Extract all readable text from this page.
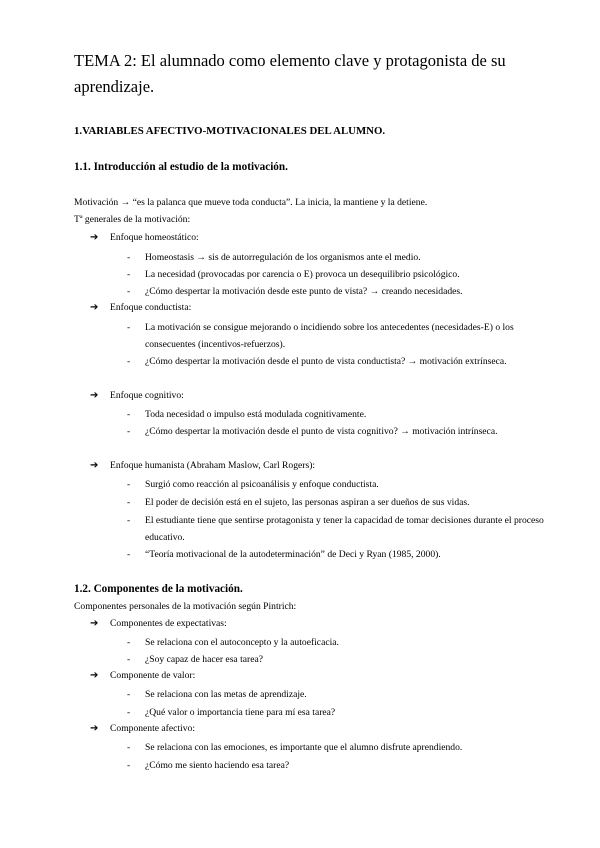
TEMA 2: El alumnado como elemento clave y protagonista de su aprendizaje.
1.VARIABLES AFECTIVO-MOTIVACIONALES DEL ALUMNO.
1.1. Introducción al estudio de la motivación.
Motivación → “es la palanca que mueve toda conducta”. La inicia, la mantiene y la detiene.
Tª generales de la motivación:
➔ Enfoque homeostático:
- Homeostasis → sis de autorregulación de los organismos ante el medio.
- La necesidad (provocadas por carencia o E) provoca un desequilibrio psicológico.
- ¿Cómo despertar la motivación desde este punto de vista? → creando necesidades.
➔ Enfoque conductista:
- La motivación se consigue mejorando o incidiendo sobre los antecedentes (necesidades-E) o los consecuentes (incentivos-refuerzos).
- ¿Cómo despertar la motivación desde el punto de vista conductista? → motivación extrínseca.
➔ Enfoque cognitivo:
- Toda necesidad o impulso está modulada cognitivamente.
- ¿Cómo despertar la motivación desde el punto de vista cognitivo? → motivación intrínseca.
➔ Enfoque humanista (Abraham Maslow, Carl Rogers):
- Surgió como reacción al psicoanálisis y enfoque conductista.
- El poder de decisión está en el sujeto, las personas aspiran a ser dueños de sus vidas.
- El estudiante tiene que sentirse protagonista y tener la capacidad de tomar decisiones durante el proceso educativo.
- “Teoría motivacional de la autodeterminación” de Deci y Ryan (1985, 2000).
1.2. Componentes de la motivación.
Componentes personales de la motivación según Pintrich:
➔ Componentes de expectativas:
- Se relaciona con el autoconcepto y la autoeficacia.
- ¿Soy capaz de hacer esa tarea?
➔ Componente de valor:
- Se relaciona con las metas de aprendizaje.
- ¿Qué valor o importancia tiene para mí esa tarea?
➔ Componente afectivo:
- Se relaciona con las emociones, es importante que el alumno disfrute aprendiendo.
- ¿Cómo me siento haciendo esa tarea?
